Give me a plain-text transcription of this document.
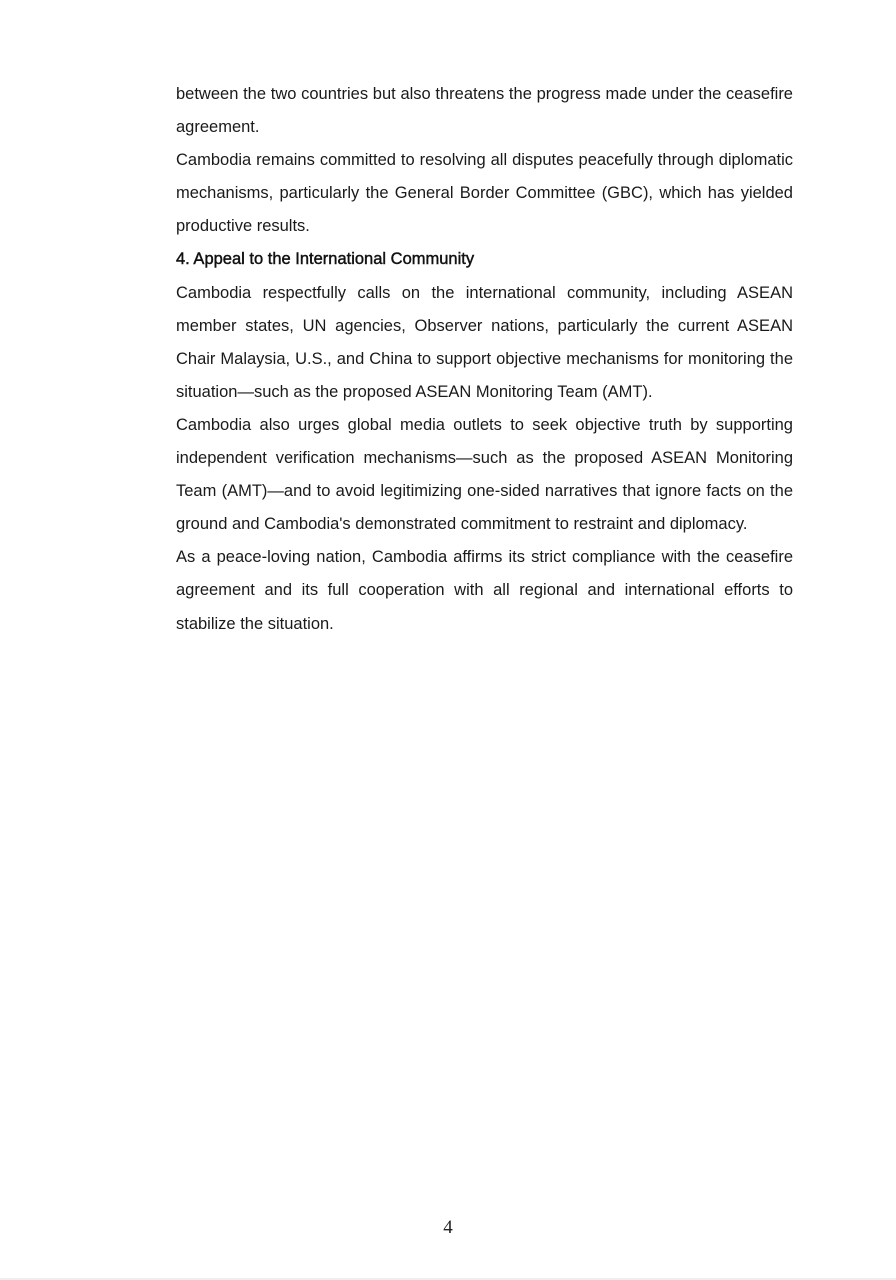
between the two countries but also threatens the progress made under the ceasefire agreement.

Cambodia remains committed to resolving all disputes peacefully through diplomatic mechanisms, particularly the General Border Committee (GBC), which has yielded productive results.

4. Appeal to the International Community

Cambodia respectfully calls on the international community, including ASEAN member states, UN agencies, Observer nations, particularly the current ASEAN Chair Malaysia, U.S., and China to support objective mechanisms for monitoring the situation—such as the proposed ASEAN Monitoring Team (AMT).

Cambodia also urges global media outlets to seek objective truth by supporting independent verification mechanisms—such as the proposed ASEAN Monitoring Team (AMT)—and to avoid legitimizing one-sided narratives that ignore facts on the ground and Cambodia's demonstrated commitment to restraint and diplomacy.

As a peace-loving nation, Cambodia affirms its strict compliance with the ceasefire agreement and its full cooperation with all regional and international efforts to stabilize the situation.

4
